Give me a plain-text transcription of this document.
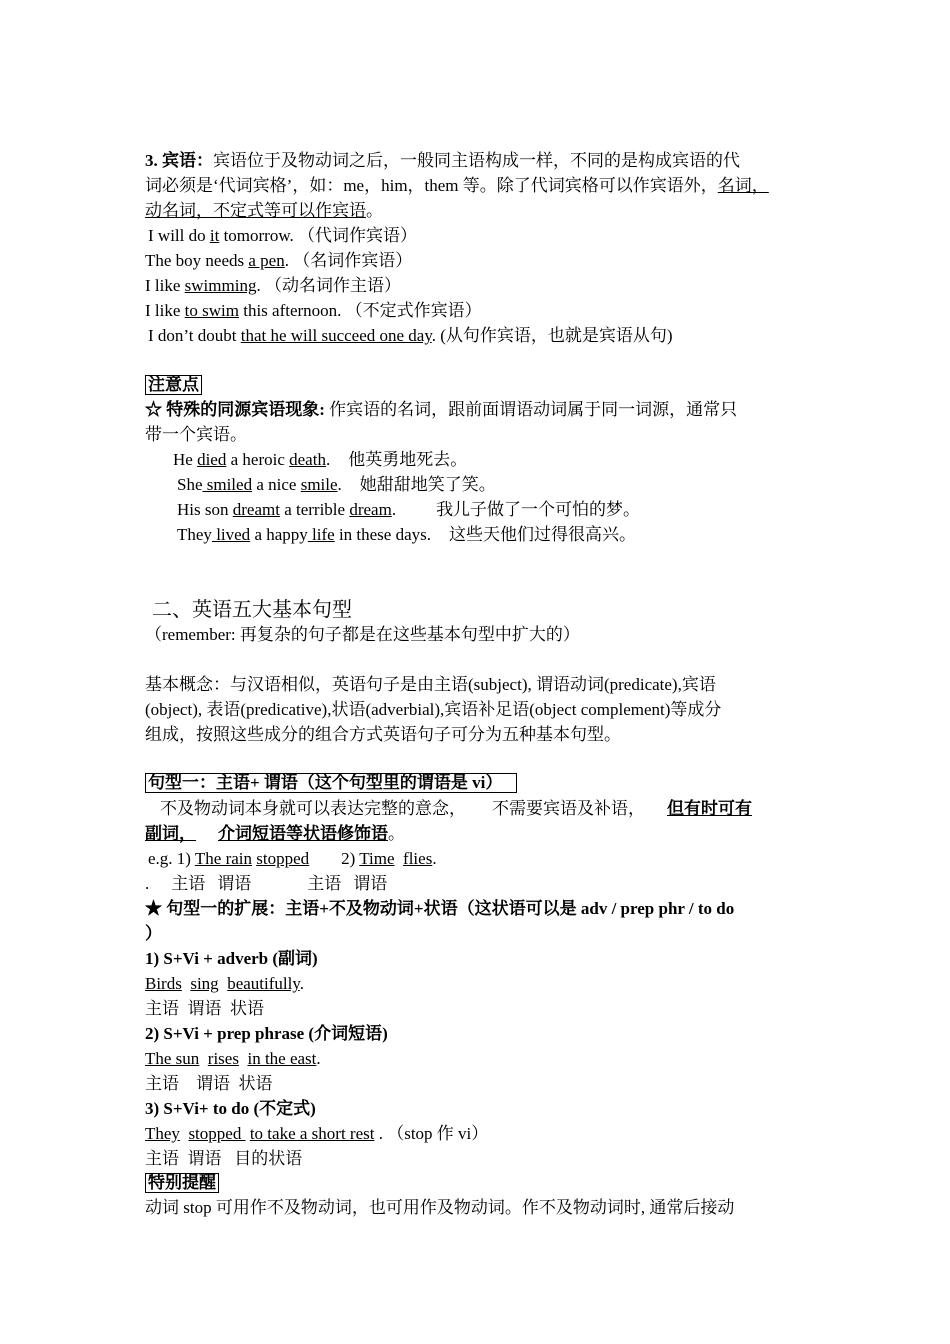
3. 宾语：宾语位于及物动词之后，一般同主语构成一样，不同的是构成宾语的代
词必须是‘代词宾格’，如：me，him，them 等。除了代词宾格可以作宾语外，名词，
动名词，不定式等可以作宾语。
I will do it tomorrow. （代词作宾语）
The boy needs a pen. （名词作宾语）
I like swimming. （动名词作主语）
I like to swim this afternoon. （不定式作宾语）
I don’t doubt that he will succeed one day. (从句作宾语，也就是宾语从句)
注意点
☆ 特殊的同源宾语现象: 作宾语的名词，跟前面谓语动词属于同一词源，通常只
带一个宾语。
He died a heroic death. 他英勇地死去。
She smiled a nice smile. 她甜甜地笑了笑。
His son dreamt a terrible dream. 我儿子做了一个可怕的梦。
They lived a happy life in these days. 这些天他们过得很高兴。
二、英语五大基本句型
（remember: 再复杂的句子都是在这些基本句型中扩大的）
基本概念：与汉语相似，英语句子是由主语(subject), 谓语动词(predicate),宾语
(object), 表语(predicative),状语(adverbial),宾语补足语(object complement)等成分
组成，按照这些成分的组合方式英语句子可分为五种基本句型。
句型一：主语+ 谓语（这个句型里的谓语是 vi）
不及物动词本身就可以表达完整的意念， 不需要宾语及补语， 但有时可有
副词， 介词短语等状语修饰语。
e.g. 1) The rain stopped 2) Time flies.
. 主语 谓语	主语 谓语
★ 句型一的扩展：主语+不及物动词+状语（这状语可以是 adv / prep phr / to do
）
1) S+Vi + adverb (副词)
Birds sing beautifully.
主语  谓语  状语
2) S+Vi + prep phrase (介词短语)
The sun rises in the east.
主语    谓语  状语
3) S+Vi+ to do (不定式)
They stopped  to take a short rest . （stop 作 vi）
主语  谓语   目的状语
特别提醒
动词 stop 可用作不及物动词，也可用作及物动词。作不及物动词时, 通常后接动
